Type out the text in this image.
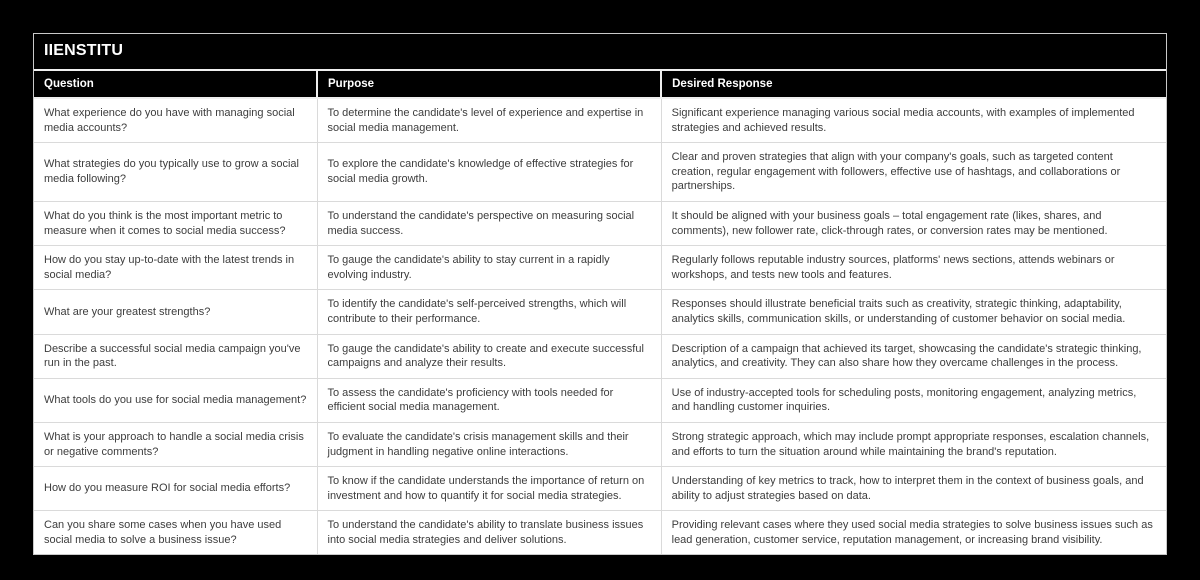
IIENSTITU
Question	Purpose	Desired Response
What experience do you have with managing social media accounts?	To determine the candidate's level of experience and expertise in social media management.	Significant experience managing various social media accounts, with examples of implemented strategies and achieved results.
What strategies do you typically use to grow a social media following?	To explore the candidate's knowledge of effective strategies for social media growth.	Clear and proven strategies that align with your company's goals, such as targeted content creation, regular engagement with followers, effective use of hashtags, and collaborations or partnerships.
What do you think is the most important metric to measure when it comes to social media success?	To understand the candidate's perspective on measuring social media success.	It should be aligned with your business goals – total engagement rate (likes, shares, and comments), new follower rate, click-through rates, or conversion rates may be mentioned.
How do you stay up-to-date with the latest trends in social media?	To gauge the candidate's ability to stay current in a rapidly evolving industry.	Regularly follows reputable industry sources, platforms' news sections, attends webinars or workshops, and tests new tools and features.
What are your greatest strengths?	To identify the candidate's self-perceived strengths, which will contribute to their performance.	Responses should illustrate beneficial traits such as creativity, strategic thinking, adaptability, analytics skills, communication skills, or understanding of customer behavior on social media.
Describe a successful social media campaign you've run in the past.	To gauge the candidate's ability to create and execute successful campaigns and analyze their results.	Description of a campaign that achieved its target, showcasing the candidate's strategic thinking, analytics, and creativity. They can also share how they overcame challenges in the process.
What tools do you use for social media management?	To assess the candidate's proficiency with tools needed for efficient social media management.	Use of industry-accepted tools for scheduling posts, monitoring engagement, analyzing metrics, and handling customer inquiries.
What is your approach to handle a social media crisis or negative comments?	To evaluate the candidate's crisis management skills and their judgment in handling negative online interactions.	Strong strategic approach, which may include prompt appropriate responses, escalation channels, and efforts to turn the situation around while maintaining the brand's reputation.
How do you measure ROI for social media efforts?	To know if the candidate understands the importance of return on investment and how to quantify it for social media strategies.	Understanding of key metrics to track, how to interpret them in the context of business goals, and ability to adjust strategies based on data.
Can you share some cases when you have used social media to solve a business issue?	To understand the candidate's ability to translate business issues into social media strategies and deliver solutions.	Providing relevant cases where they used social media strategies to solve business issues such as lead generation, customer service, reputation management, or increasing brand visibility.
